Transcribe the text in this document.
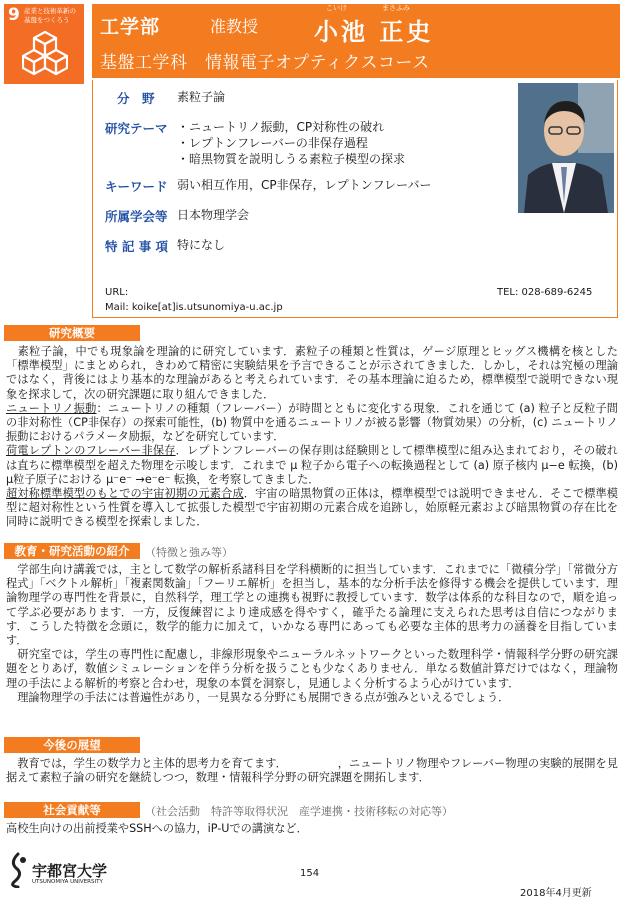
9 産業と技術革新の基盤をつくろう	工学部	准教授
こいけ	まさふみ
小池 正史
基盤工学科　情報電子オプティクスコース
分　野 素粒子論
研究テーマ ・ニュートリノ振動，CP対称性の破れ
・レプトンフレーバーの非保存過程
・暗黒物質を説明しうる素粒子模型の探求
キーワード 弱い相互作用，CP非保存，レプトンフレーバー
所属学会等 日本物理学会
特 記 事 項 特になし
URL:
Mail: koike[at]is.utsunomiya-u.ac.jp
TEL: 028-689-6245
研究概要

　素粒子論，中でも現象論を理論的に研究しています．素粒子の種類と性質は，ゲージ原理とヒッグス機構を核とした「標準模型」にまとめられ，きわめて精密に実験結果を予言できることが示されてきました．しかし，それは究極の理論ではなく，背後にはより基本的な理論があると考えられています．その基本理論に迫るため，標準模型で説明できない現象を探求して，次の研究課題に取り組んできました．

ニュートリノ振動：ニュートリノの種類（フレーバー）が時間とともに変化する現象．これを通じて (a) 粒子と反粒子間の非対称性（CP非保存）の探索可能性，(b) 物質中を通るニュートリノが被る影響（物質効果）の分析，(c) ニュートリノ振動におけるパラメータ励振，などを研究しています．

荷電レプトンのフレーバー非保存．レプトンフレーバーの保存則は経験則として標準模型に組み込まれており，その破れは直ちに標準模型を超えた物理を示唆します．これまで μ 粒子から電子への転換過程として (a) 原子核内 μ−e 転換，(b) μ粒子原子における μ⁻e⁻ →e⁻e⁻ 転換，を考察してきました．

超対称標準模型のもとでの宇宙初期の元素合成．宇宙の暗黒物質の正体は，標準模型では説明できません．そこで標準模型に超対称性という性質を導入して拡張した模型で宇宙初期の元素合成を追跡し，始原軽元素および暗黒物質の存在比を同時に説明できる模型を探索しました．

教育・研究活動の紹介	（特徴と強み等）

　学部生向け講義では，主として数学の解析系諸科目を学科横断的に担当しています．これまでに「微積分学」「常微分方程式」「ベクトル解析」「複素関数論」「フーリエ解析」を担当し，基本的な分析手法を修得する機会を提供しています．理論物理学の専門性を背景に，自然科学，理工学との連携も視野に教授しています．数学は体系的な科目なので，順を追って学ぶ必要があります．一方，反復練習により達成感を得やすく，確乎たる論理に支えられた思考は自信につながります．こうした特徴を念頭に，数学的能力に加えて，いかなる専門にあっても必要な主体的思考力の涵養を目指しています．

　研究室では，学生の専門性に配慮し，非線形現象やニューラルネットワークといった数理科学・情報科学分野の研究課題をとりあげ，数値シミュレーションを伴う分析を扱うことも少なくありません．単なる数値計算だけではなく，理論物理の手法による解析的考察と合わせ，現象の本質を洞察し，見通しよく分析するよう心がけています．

　理論物理学の手法には普遍性があり，一見異なる分野にも展開できる点が強みといえるでしょう．

今後の展望

　教育では，学生の数学力と主体的思考力を育てます．　　　　　，ニュートリノ物理やフレーバー物理の実験的展開を見据えて素粒子論の研究を継続しつつ，数理・情報科学分野の研究課題を開拓します．

社会貢献等	（社会活動　特許等取得状況　産学連携・技術移転の対応等）

高校生向けの出前授業やSSHへの協力，iP-Uでの講演など．

宇都宮大学
UTSUNOMIYA UNIVERSITY
154
2018年4月更新
